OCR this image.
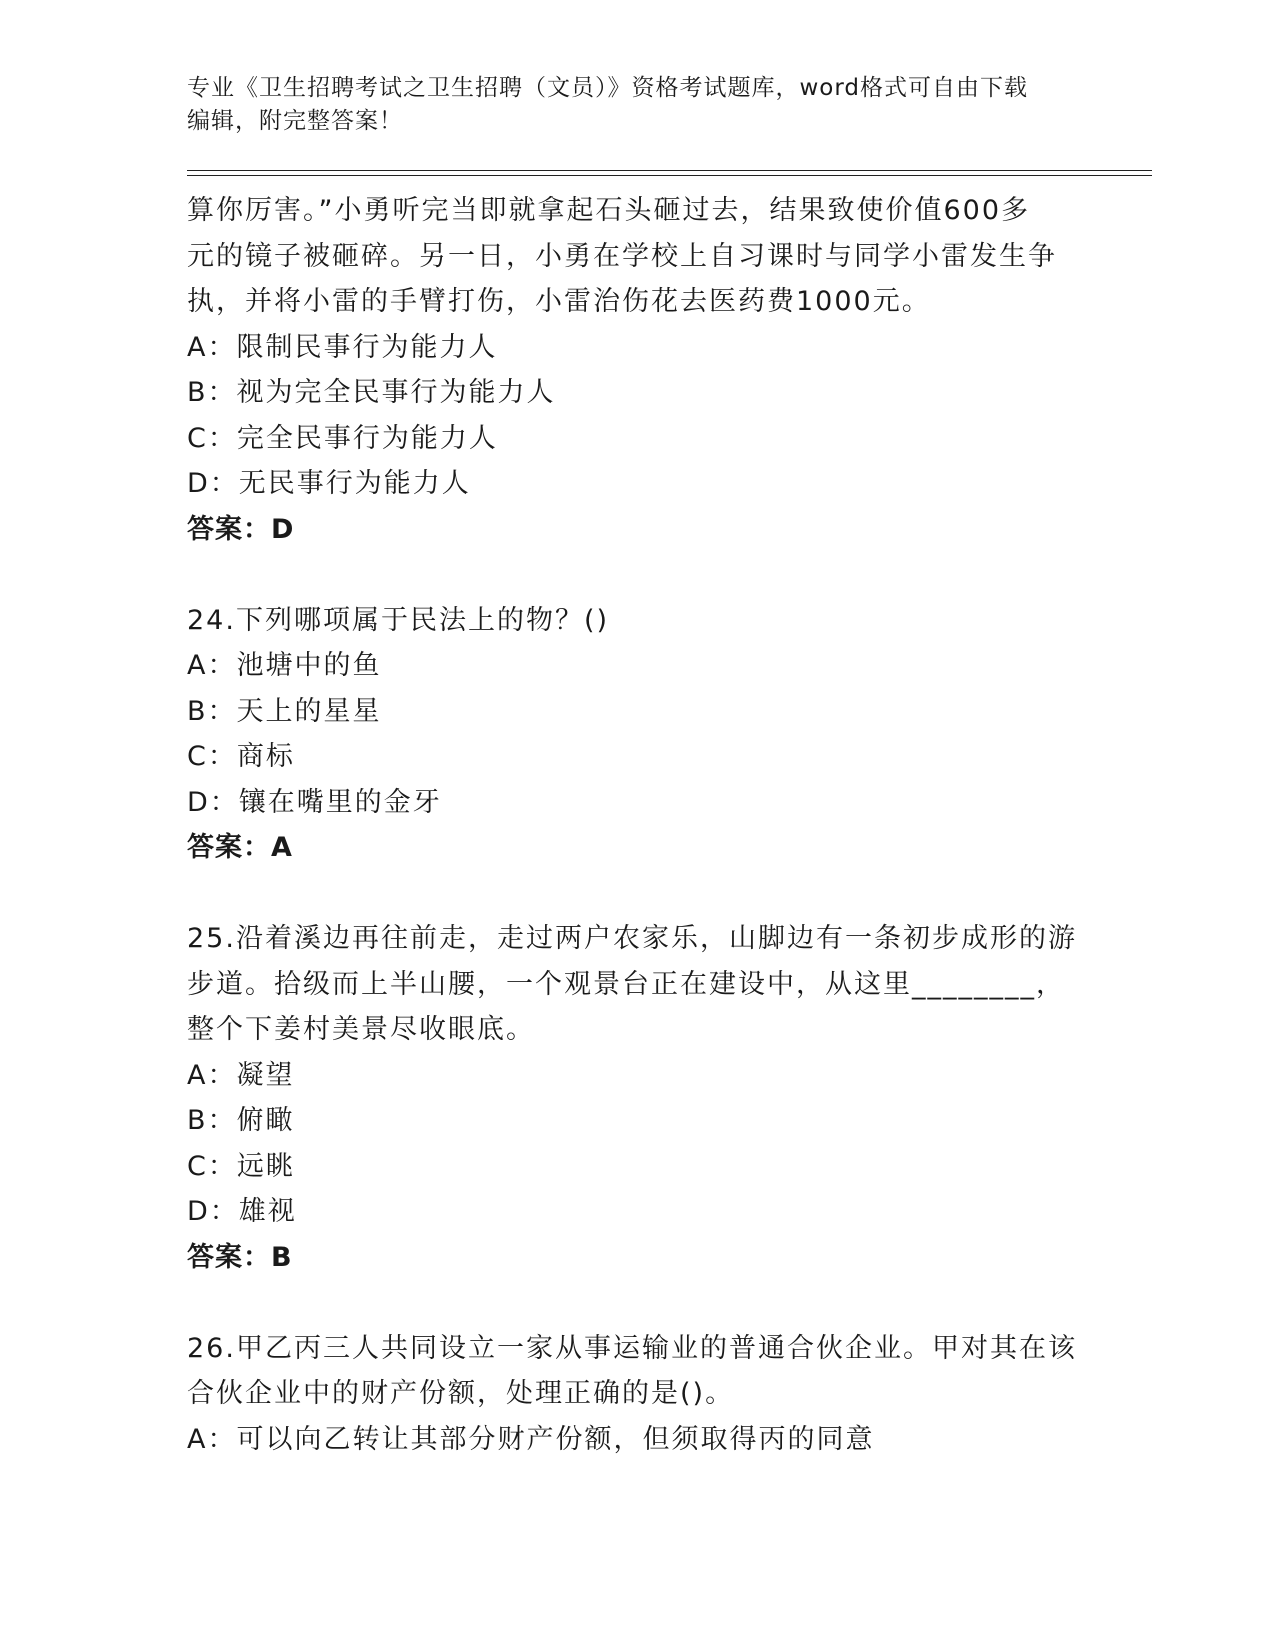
专业《卫生招聘考试之卫生招聘（文员）》资格考试题库，word格式可自由下载
编辑，附完整答案！
算你厉害。”小勇听完当即就拿起石头砸过去，结果致使价值600多
元的镜子被砸碎。另一日，小勇在学校上自习课时与同学小雷发生争
执，并将小雷的手臂打伤，小雷治伤花去医药费1000元。
A：限制民事行为能力人
B：视为完全民事行为能力人
C：完全民事行为能力人
D：无民事行为能力人
答案：D
24.下列哪项属于民法上的物？()
A：池塘中的鱼
B：天上的星星
C：商标
D：镶在嘴里的金牙
答案：A
25.沿着溪边再往前走，走过两户农家乐，山脚边有一条初步成形的游
步道。拾级而上半山腰，一个观景台正在建设中，从这里________，
整个下姜村美景尽收眼底。
A：凝望
B：俯瞰
C：远眺
D：雄视
答案：B
26.甲乙丙三人共同设立一家从事运输业的普通合伙企业。甲对其在该
合伙企业中的财产份额，处理正确的是()。
A：可以向乙转让其部分财产份额，但须取得丙的同意
